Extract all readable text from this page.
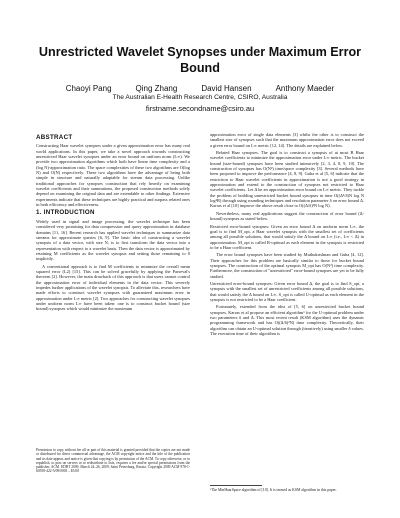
Unrestricted Wavelet Synopses under Maximum Error
Bound
Chaoyi Pang	Qing Zhang	David Hansen	Anthony Maeder
The Australian E-Health Research Centre, CSIRO, Australia
firstname.secondname@csiro.au
ABSTRACT

Constructing Haar wavelet synopses under a given approximation error has many real world applications. In this paper, we take a novel approach towards constructing unrestricted Haar wavelet synopses under an error bound on uniform norm (L∞). We provide two approximation algorithms which both have linear time complexity and a (log N)-approximation ratio. The space complexities of these two algorithms are O(log N) and O(N) respectively. These two algorithms have the advantage of being both simple in structure and naturally adaptable for stream data processing. Unlike traditional approaches for synopses construction that rely heavily on examining wavelet coefficients and their summations, the proposed construction methods solely depend on examining the original data and are extendable to other findings. Extensive experiments indicate that these techniques are highly practical and surpass related ones in both efficiency and effectiveness.

1. INTRODUCTION

Widely used in signal and image processing, the wavelet technique has been considered very promising for data compression and query approximation in database domains [11, 16]. Recent research has applied wavelet techniques to summarize data streams for approximate queries [6, 9]. The basic idea of constructing a wavelet synopsis of a data vector, with size N, is to first transform the data vector into a representation with respect to a wavelet basis. Then the data vector is approximated by retaining M coefficients as the wavelet synopsis and setting those remaining to 0 implicitly.

A conventional approach is to find M coefficients to minimize the overall mean squared error (L2) [15]. This can be solved gracefully by applying the Parseval's theorem [2]. However, the main drawback of this approach is that users cannot control the approximation error of individual elements in the data vector. This severely impedes further applications of the wavelet synopsis. To alleviate this, researchers have made efforts to construct wavelet synopses with guaranteed maximum error in approximation under L∞ metric [2]. Two approaches for constructing wavelet synopses under uniform norm L∞ have been taken: one is to construct bucket bound (size bound) synopses which would minimize the maximum

Permission to copy without fee all or part of this material is granted provided that the copies are not made or distributed for direct commercial advantage, the ACM copyright notice and the title of the publication and its date appear, and notice is given that copying is by permission of the ACM. To copy otherwise, or to republish, to post on servers or to redistribute to lists, requires a fee and/or special permissions from the publisher, ACM. EDBT 2009, March 24–26, 2009, Saint Petersburg, Russia. Copyright 2009 ACM 978-1-60558-422-5/09/0003 ...$5.00

approximation error of single data elements [3] whilst the other is to construct the smallest size of synopses such that the maximum approximation error does not exceed a given error bound on L∞ metric [12, 14]. The details are explained below.

Related Haar synopses. The goal is to construct a synopsis of at most B Haar wavelet coefficients to minimize the approximation error under L∞ metric. The bucket bound (size-bound) synopses have been studied intensively [2, 3, 4, 8, 9, 10]. The construction of synopses has O(N²) time/space complexity [3]. Several methods have been proposed to improve the performance [4, 8, 9]. Guha et al [5, 6] indicate that the restriction to Haar wavelet coefficients in approximation is not a good strategy in approximation and extend to the construction of synopses not restricted to Haar wavelet coefficients. Let Δ be an approximation error bound on L∞ metric. They tackle the problem of building unrestricted bucket bound synopses in time O((Δ²/δ)N log N log²B) through using rounding techniques and resolution parameter δ on error bound Δ. Karras et al [10] improve the above result close to O((Δ/δ)²N log N).

Nevertheless, many real applications suggest the construction of error bound (Δ-bound) synopses as stated below.

Restricted error-bound synopses: Given an error bound Δ on uniform norm L∞, the goal is to find M_opt, a Haar wavelet synopsis with the smallest set of coefficients among all possible solutions, that would satisfy the Δ bound on L∞ (i.e., L∞ < Δ) in approximation. M_opt is called R-optimal as each element in the synopsis is restricted to be a Haar coefficient.

The error bound synopses have been studied by Muthukrishnan and Guha [4, 12]. Their approaches for this problem are basically similar to those for bucket bound synopses. The construction of the optimal synopsis M_opt has O(N²) time complexity. Furthermore, the construction of "unrestricted" error-bound synopses are yet to be fully studied.

Unrestricted error-bound synopses: Given error bound Δ, the goal is to find S_opt, a synopsis with the smallest set of unrestricted coefficients among all possible solutions, that would satisfy the Δ bound on L∞. S_opt is called U-optimal as each element in the synopsis is not restricted to be a Haar coefficient.

Fortunately, extended from the idea of [5, 6] on unrestricted bucket bound synopses, Karras et al propose an efficient algorithm¹ for the U-optimal problem under two parameters δ and Δ. This most recent result (KSM algorithm) uses the dynamic programming framework and has O((Δ/δ)²N) time complexity. Theoretically, their algorithm can obtain an U-optimal solution through (iteratively) using smaller δ values. The execution time of their algorithm is

¹The MinHaarSpace algorithm of [10]. It is termed as KSM algorithm in this paper.
